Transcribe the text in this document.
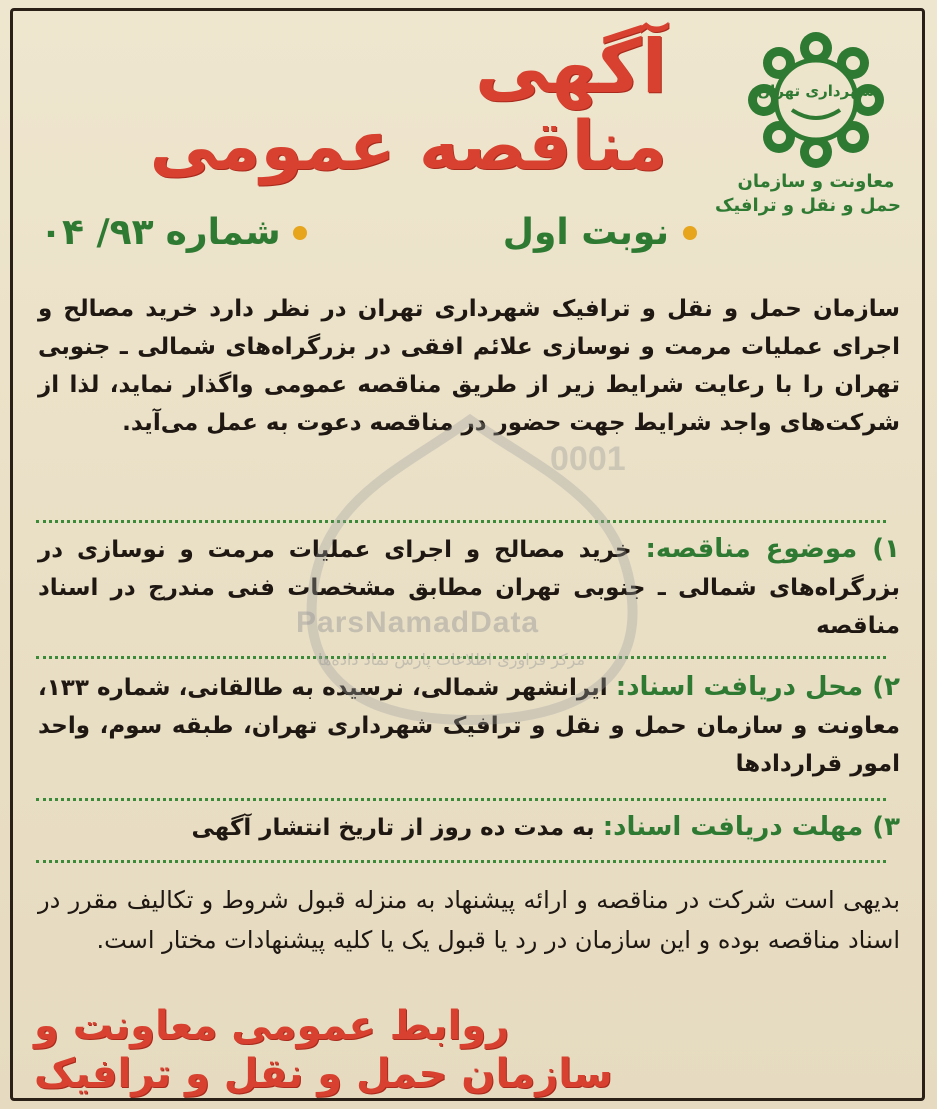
شهرداری تهران
معاونت و سازمان
حمل و نقل و ترافیک
آگهی
مناقصه عمومی
نوبت اول
شماره
۹۳/ ۰۴
سازمان حمل و نقل و ترافیک شهرداری تهران در نظر دارد خرید مصالح و اجرای عملیات مرمت و نوسازی علائم افقی در بزرگراه‌های شمالی ـ جنوبی تهران را با رعایت شرایط زیر از طریق مناقصه عمومی واگذار نماید، لذا از شرکت‌های واجد شرایط جهت حضور در مناقصه دعوت به عمل می‌آید.
۱) موضوع مناقصه: خرید مصالح و اجرای عملیات مرمت و نوسازی در بزرگراه‌های شمالی ـ جنوبی تهران مطابق مشخصات فنی مندرج در اسناد مناقصه
۲) محل دریافت اسناد: ایرانشهر شمالی، نرسیده به طالقانی، شماره ۱۳۳، معاونت و سازمان حمل و نقل و ترافیک شهرداری تهران، طبقه سوم، واحد امور قراردادها
۳) مهلت دریافت اسناد: به مدت ده روز از تاریخ انتشار آگهی
بدیهی است شرکت در مناقصه و ارائه پیشنهاد به منزله قبول شروط و تکالیف مقرر در اسناد مناقصه بوده و این سازمان در رد یا قبول یک یا کلیه پیشنهادات مختار است.
روابط عمومی معاونت و
سازمان حمل و نقل و ترافیک
0001
ParsNamadData
مرکز فراوری اطلاعات پارس نماد داده‌ها
